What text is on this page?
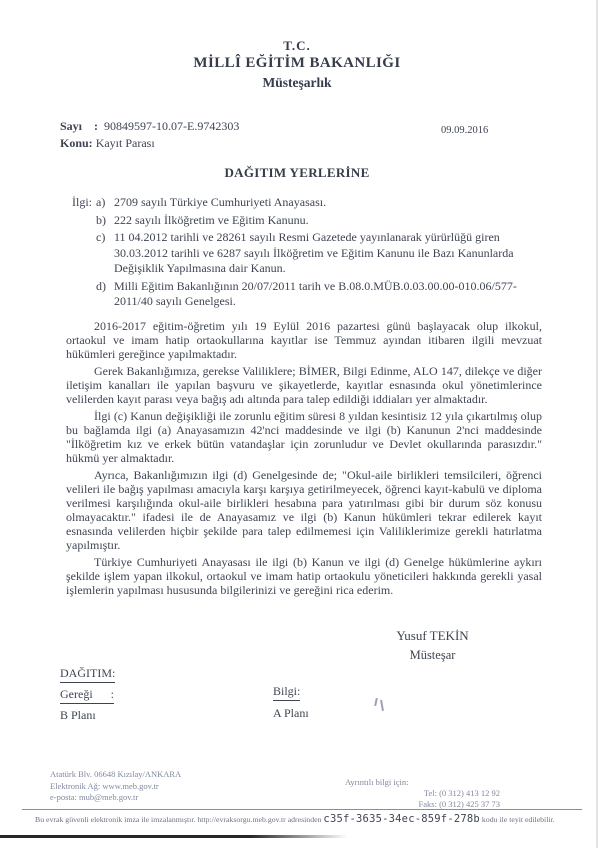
T.C.
MİLLÎ EĞİTİM BAKANLIĞI
Müsteşarlık
Sayı : 90849597-10.07-E.9742303
Konu: Kayıt Parası
09.09.2016
DAĞITIM YERLERİNE
İlgi: a) 2709 sayılı Türkiye Cumhuriyeti Anayasası.
b) 222 sayılı İlköğretim ve Eğitim Kanunu.
c) 11 04.2012 tarihli ve 28261 sayılı Resmi Gazetede yayınlanarak yürürlüğü giren 30.03.2012 tarihli ve 6287 sayılı İlköğretim ve Eğitim Kanunu ile Bazı Kanunlarda Değişiklik Yapılmasına dair Kanun.
d) Milli Eğitim Bakanlığının 20/07/2011 tarih ve B.08.0.MÜB.0.03.00.00-010.06/577-2011/40 sayılı Genelgesi.

2016-2017 eğitim-öğretim yılı 19 Eylül 2016 pazartesi günü başlayacak olup ilkokul, ortaokul ve imam hatip ortaokullarına kayıtlar ise Temmuz ayından itibaren ilgili mevzuat hükümleri gereğince yapılmaktadır.

Gerek Bakanlığımıza, gerekse Valiliklere; BİMER, Bilgi Edinme, ALO 147, dilekçe ve diğer iletişim kanalları ile yapılan başvuru ve şikayetlerde, kayıtlar esnasında okul yönetimlerince velilerden kayıt parası veya bağış adı altında para talep edildiği iddiaları yer almaktadır.

İlgi (c) Kanun değişikliği ile zorunlu eğitim süresi 8 yıldan kesintisiz 12 yıla çıkartılmış olup bu bağlamda ilgi (a) Anayasamızın 42'nci maddesinde ve ilgi (b) Kanunun 2'nci maddesinde "İlköğretim kız ve erkek bütün vatandaşlar için zorunludur ve Devlet okullarında parasızdır." hükmü yer almaktadır.

Ayrıca, Bakanlığımızın ilgi (d) Genelgesinde de; "Okul-aile birlikleri temsilcileri, öğrenci velileri ile bağış yapılması amacıyla karşı karşıya getirilmeyecek, öğrenci kayıt-kabulü ve diploma verilmesi karşılığında okul-aile birlikleri hesabına para yatırılması gibi bir durum söz konusu olmayacaktır." ifadesi ile de Anayasamız ve ilgi (b) Kanun hükümleri tekrar edilerek kayıt esnasında velilerden hiçbir şekilde para talep edilmemesi için Valiliklerimize gerekli hatırlatma yapılmıştır.

Türkiye Cumhuriyeti Anayasası ile ilgi (b) Kanun ve ilgi (d) Genelge hükümlerine aykırı şekilde işlem yapan ilkokul, ortaokul ve imam hatip ortaokulu yöneticileri hakkında gerekli yasal işlemlerin yapılması hususunda bilgilerinizi ve gereğini rica ederim.

Yusuf TEKİN
Müsteşar
DAĞITIM:
Gereği      :
B Planı
Bilgi:
A Planı
Atatürk Blv. 06648 Kızılay/ANKARA
Elektronik Ağ: www.meb.gov.tr
e-posta: mub@meb.gov.tr
Ayrıntılı bilgi için:
Tel: (0 312) 413 12 92
Faks: (0 312) 425 37 73
Bu evrak güvenli elektronik imza ile imzalanmıştır. http://evraksorgu.meb.gov.tr adresinden c35f-3635-34ec-859f-278b kodu ile teyit edilebilir.
